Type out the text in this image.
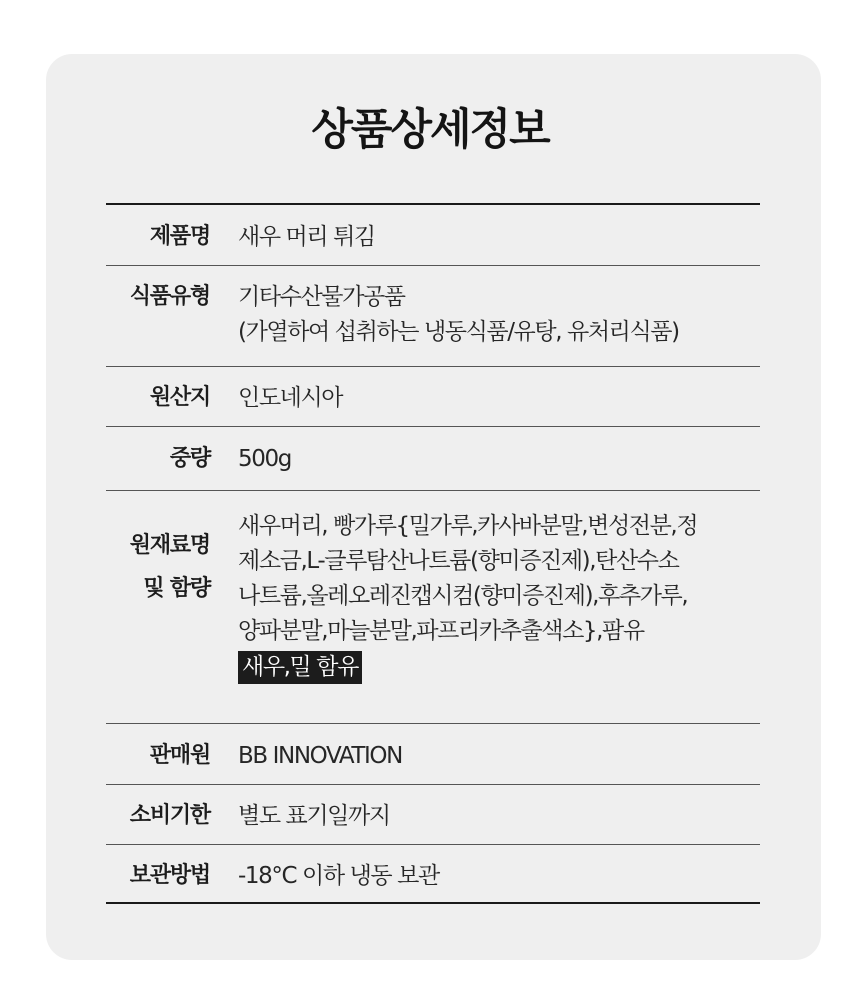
상품상세정보
제품명	새우 머리 튀김
식품유형	기타수산물가공품
(가열하여 섭취하는 냉동식품/유탕, 유처리식품)

원산지	인도네시아
중량	500g

원재료명
및 함량	새우머리, 빵가루{밀가루,카사바분말,변성전분,정
제소금,L-글루탐산나트륨(향미증진제),탄산수소
나트륨,올레오레진캡시컴(향미증진제),후추가루,
양파분말,마늘분말,파프리카추출색소},팜유
새우,밀 함유
판매원	BB INNOVATION
소비기한	별도 표기일까지
보관방법	-18°C 이하 냉동 보관
